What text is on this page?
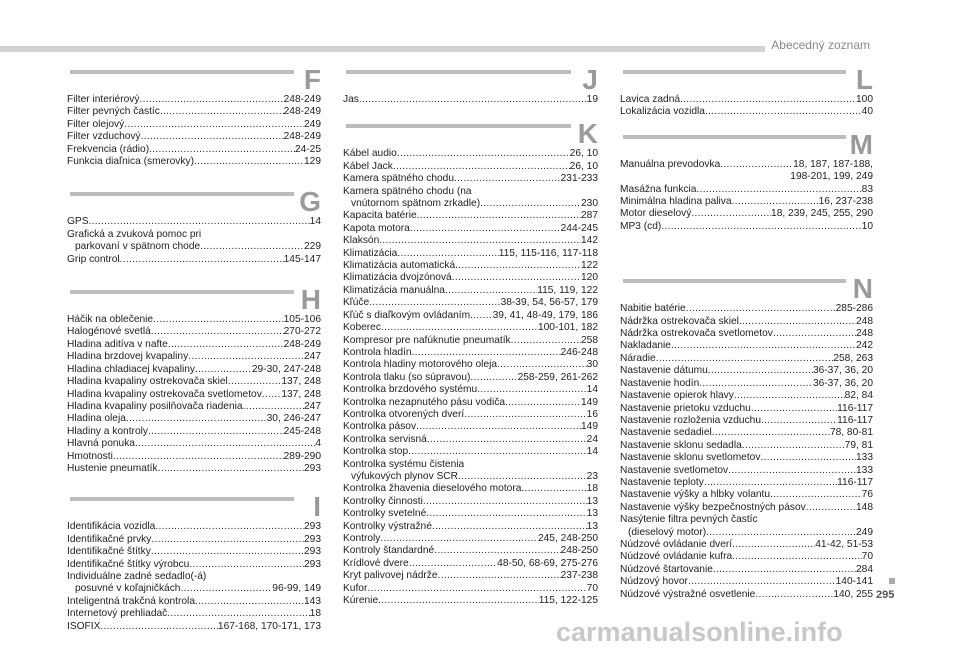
Abecedný zoznam
F
Filter interiérový .....	248-249
Filter pevných častíc .....	248-249
Filter olejový .....	249
Filter vzduchový .....	248-249
Frekvencia (rádio) .....	24-25
Funkcia diaľnica (smerovky) .....	129
G
GPS .....	14
Grafická a zvuková pomoc pri
parkovaní v spätnom chode .....	229
Grip control .....	145-147
H
Háčik na oblečenie .....	105-106
Halogénové svetlá .....	270-272
Hladina aditíva v nafte .....	248-249
Hladina brzdovej kvapaliny .....	247
Hladina chladiacej kvapaliny .....	29-30, 247-248
Hladina kvapaliny ostrekovača skiel .....	137, 248
Hladina kvapaliny ostrekovača svetlometov ..... 137, 248
Hladina kvapaliny posilňovača riadenia .....	247
Hladina oleja .....	30, 246-247
Hladiny a kontroly .....	245-248
Hlavná ponuka .....	4
Hmotnosti .....	289-290
Hustenie pneumatík .....	293
I
Identifikácia vozidla .....	293
Identifikačné prvky .....	293
Identifikačné štítky .....	293
Identifikačné štítky výrobcu .....	293
Individuálne zadné sedadlo(-á)
posuvné v koľajničkách .....	96-99, 149
Inteligentná trakčná kontrola .....	143
Internetový prehliadač .....	18
ISOFIX .....	167-168, 170-171, 173
J
Jas .....	19
K
Kábel audio .....	26, 10
Kábel Jack .....	26, 10
Kamera spätného chodu .....	231-233
Kamera spätného chodu (na
vnútornom spätnom zrkadle) .....	230
Kapacita batérie .....	287
Kapota motora .....	244-245
Klaksón .....	142
Klimatizácia .....	115, 115-116, 117-118
Klimatizácia automatická .....	122
Klimatizácia dvojzónová .....	120
Klimatizácia manuálna .....	115, 119, 122
Kľúče .....	38-39, 54, 56-57, 179
Kľúč s diaľkovým ovládaním ..... 39, 41, 48-49, 179, 186
Koberec .....	100-101, 182
Kompresor pre nafúknutie pneumatík .....	258
Kontrola hladín .....	246-248
Kontrola hladiny motorového oleja .....	30
Kontrola tlaku (so súpravou) .....	258-259, 261-262
Kontrolka brzdového systému .....	14
Kontrolka nezapnutého pásu vodiča .....	149
Kontrolka otvorených dverí .....	16
Kontrolka pásov .....	149
Kontrolka servisná .....	24
Kontrolka stop .....	14
Kontrolka systému čistenia
výfukových plynov SCR .....	23
Kontrolka žhavenia dieselového motora .....	18
Kontrolky činnosti .....	13
Kontrolky svetelné .....	13
Kontrolky výstražné .....	13
Kontroly .....	245, 248-250
Kontroly štandardné .....	248-250
Krídlové dvere .....	48-50, 68-69, 275-276
Kryt palivovej nádrže .....	237-238
Kufor .....	70
Kúrenie .....	115, 122-125
L
Lavica zadná .....	100
Lokalizácia vozidla .....	40
M
Manuálna prevodovka .....	18, 187, 187-188,
198-201, 199, 249
Masážna funkcia .....	83
Minimálna hladina paliva .....	16, 237-238
Motor dieselový .....	18, 239, 245, 255, 290
MP3 (cd) .....	10
N
Nabitie batérie .....	285-286
Nádržka ostrekovača skiel .....	248
Nádržka ostrekovača svetlometov .....	248
Nakladanie .....	242
Náradie .....	258, 263
Nastavenie dátumu .....	36-37, 36, 20
Nastavenie hodín .....	36-37, 36, 20
Nastavenie opierok hlavy .....	82, 84
Nastavenie prietoku vzduchu .....	116-117
Nastavenie rozloženia vzduchu .....	116-117
Nastavenie sedadiel .....	78, 80-81
Nastavenie sklonu sedadla .....	79, 81
Nastavenie sklonu svetlometov .....	133
Nastavenie svetlometov .....	133
Nastavenie teploty .....	116-117
Nastavenie výšky a hĺbky volantu .....	76
Nastavenie výšky bezpečnostných pásov .....	148
Nasýtenie filtra pevných častíc
(dieselový motor) .....	249
Núdzové ovládanie dverí .....	41-42, 51-53
Núdzové ovládanie kufra .....	70
Núdzové štartovanie .....	284
Núdzový hovor .....	140-141
Núdzové výstražné osvetlenie .....	140, 255 295
carmanualsonline.info
